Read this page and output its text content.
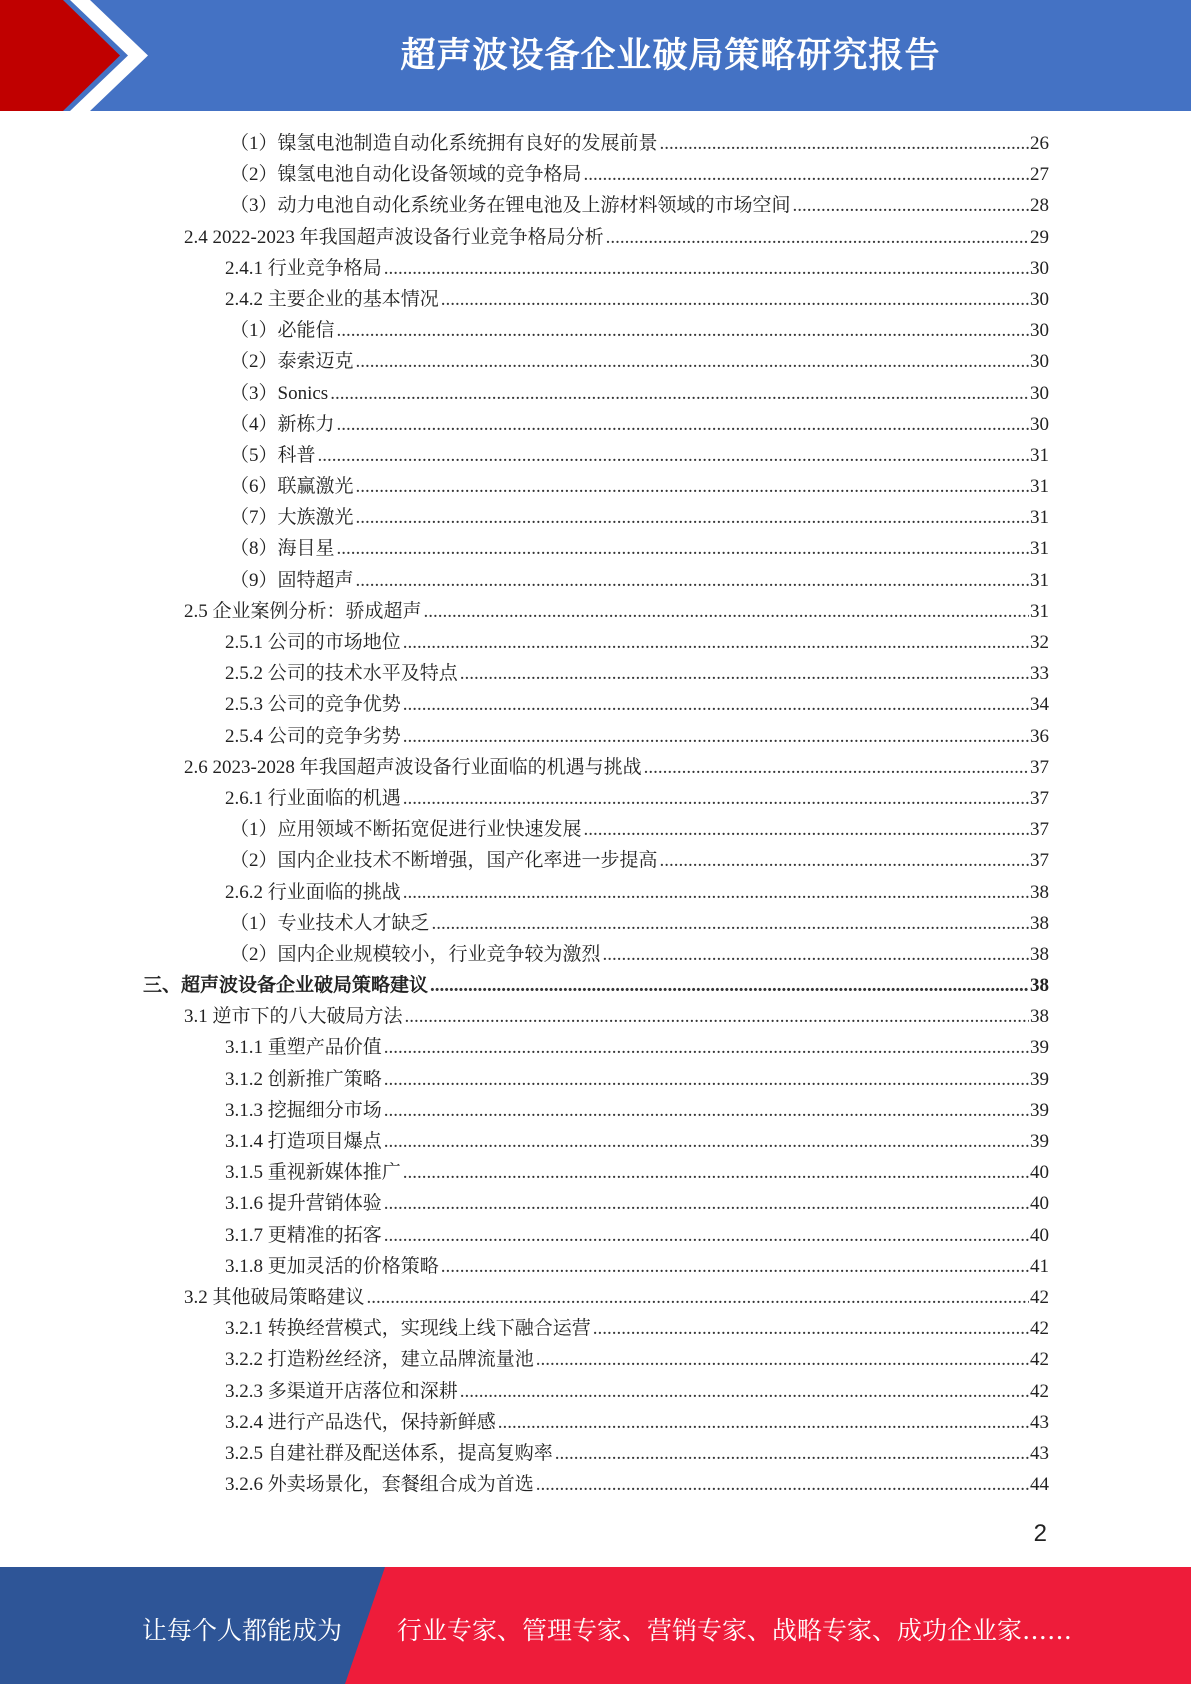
超声波设备企业破局策略研究报告
（1）镍氢电池制造自动化系统拥有良好的发展前景 .....	26
（2）镍氢电池自动化设备领域的竞争格局 .....	27
（3）动力电池自动化系统业务在锂电池及上游材料领域的市场空间 .....	28
2.4 2022-2023 年我国超声波设备行业竞争格局分析 .....	29
2.4.1 行业竞争格局 .....	30
2.4.2 主要企业的基本情况 .....	30
（1）必能信 .....	30
（2）泰索迈克 .....	30
（3）Sonics .....	30
（4）新栋力 .....	30
（5）科普 .....	31
（6）联赢激光 .....	31
（7）大族激光 .....	31
（8）海目星 .....	31
（9）固特超声 .....	31
2.5 企业案例分析：骄成超声 .....	31
2.5.1 公司的市场地位 .....	32
2.5.2 公司的技术水平及特点 .....	33
2.5.3 公司的竞争优势 .....	34
2.5.4 公司的竞争劣势 .....	36
2.6 2023-2028 年我国超声波设备行业面临的机遇与挑战 .....	37
2.6.1 行业面临的机遇 .....	37
（1）应用领域不断拓宽促进行业快速发展 .....	37
（2）国内企业技术不断增强，国产化率进一步提高 .....	37
2.6.2 行业面临的挑战 .....	38
（1）专业技术人才缺乏 .....	38
（2）国内企业规模较小，行业竞争较为激烈 .....	38
三、超声波设备企业破局策略建议 .....	38
3.1 逆市下的八大破局方法 .....	38
3.1.1 重塑产品价值 .....	39
3.1.2 创新推广策略 .....	39
3.1.3 挖掘细分市场 .....	39
3.1.4 打造项目爆点 .....	39
3.1.5 重视新媒体推广 .....	40
3.1.6 提升营销体验 .....	40
3.1.7 更精准的拓客 .....	40
3.1.8 更加灵活的价格策略 .....	41
3.2 其他破局策略建议 .....	42
3.2.1 转换经营模式，实现线上线下融合运营 .....	42
3.2.2 打造粉丝经济，建立品牌流量池 .....	42
3.2.3 多渠道开店落位和深耕 .....	42
3.2.4 进行产品迭代，保持新鲜感 .....	43
3.2.5 自建社群及配送体系，提高复购率 .....	43
3.2.6 外卖场景化，套餐组合成为首选 .....	44
2
让每个人都能成为 行业专家、管理专家、营销专家、战略专家、成功企业家……
